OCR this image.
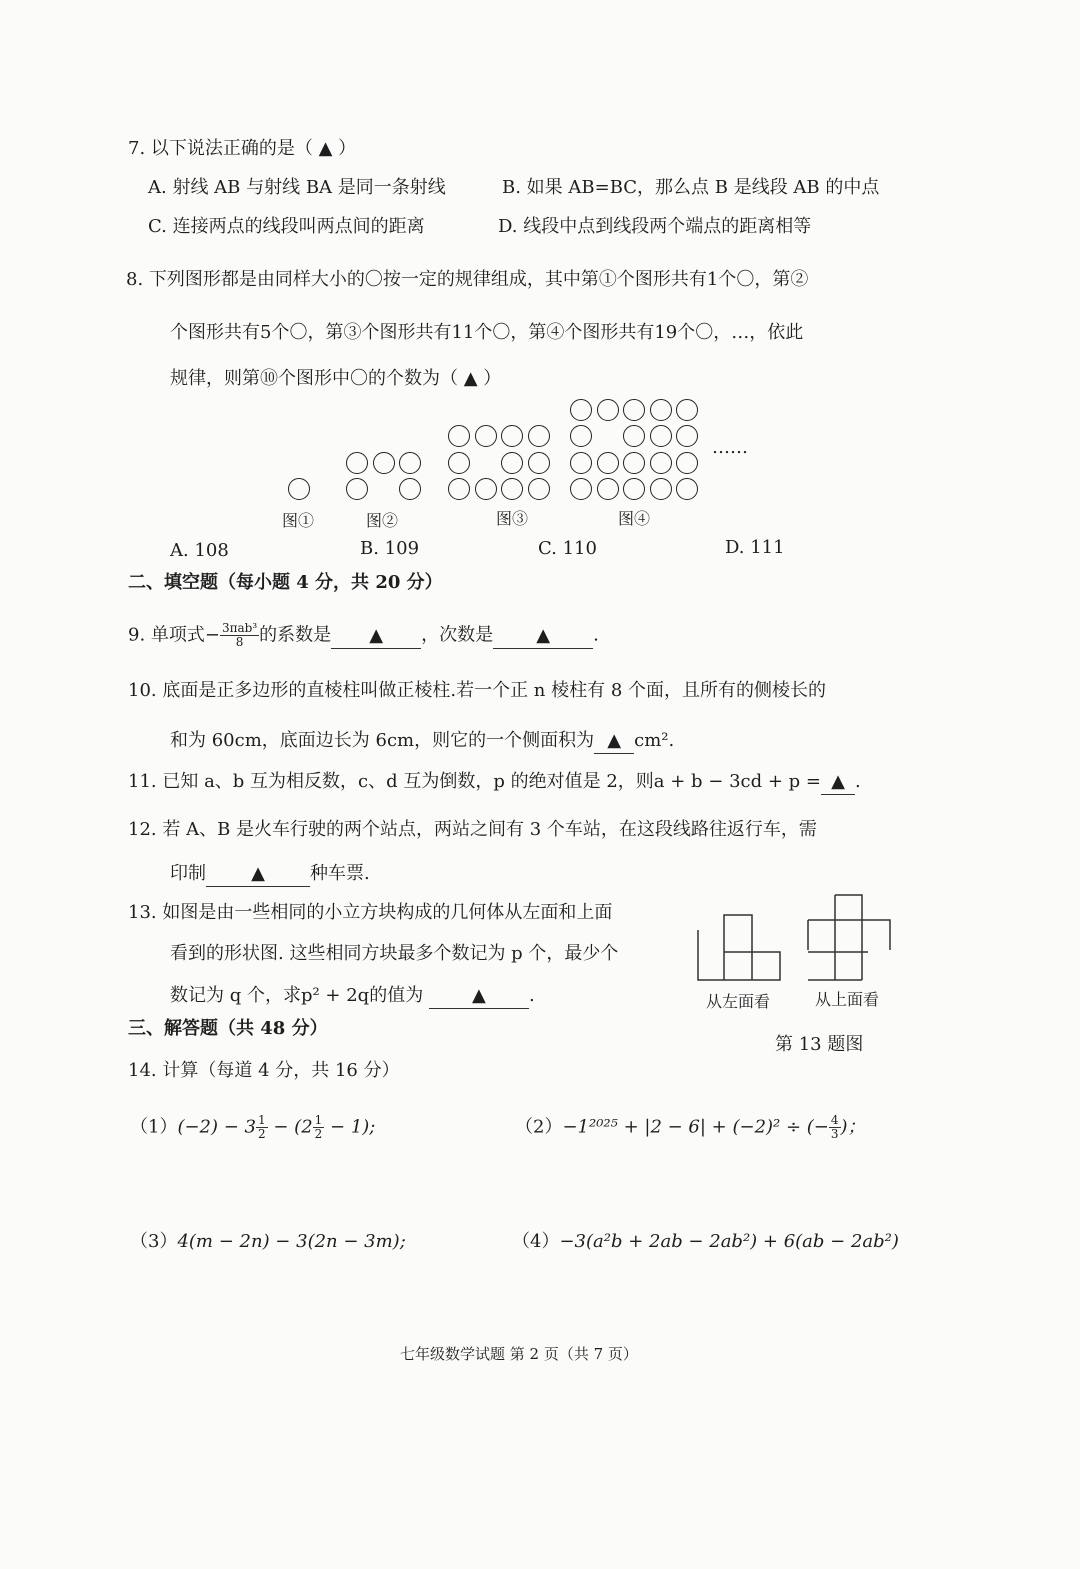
7. 以下说法正确的是（ ▲ ）
A. 射线 AB 与射线 BA 是同一条射线	B. 如果 AB=BC，那么点 B 是线段 AB 的中点
C. 连接两点的线段叫两点间的距离	D. 线段中点到线段两个端点的距离相等
8. 下列图形都是由同样大小的〇按一定的规律组成，其中第①个图形共有1个〇，第②
个图形共有5个〇，第③个图形共有11个〇，第④个图形共有19个〇，…，依此
规律，则第⑩个图形中〇的个数为（ ▲ ）
……
图①	图②	图③	图④
A. 108	B. 109	C. 110	D. 111
二、填空题（每小题 4 分，共 20 分）
9. 单项式− $\frac{\text{3πab³}}{8}$ 的系数是 ▲ ，次数是 ▲ .
10. 底面是正多边形的直棱柱叫做正棱柱.若一个正 n 棱柱有 8 个面，且所有的侧棱长的
和为 60cm，底面边长为 6cm，则它的一个侧面积为 ▲ cm².
11. 已知 a、b 互为相反数，c、d 互为倒数，p 的绝对值是 2，则a + b − 3cd + p = ▲ .
12. 若 A、B 是火车行驶的两个站点，两站之间有 3 个车站，在这段线路往返行车，需
印制	▲	种车票.
13. 如图是由一些相同的小立方块构成的几何体从左面和上面
看到的形状图. 这些相同方块最多个数记为 p 个，最少个
数记为 q 个，求p² + 2q的值为	▲ .	从左面看	从上面看
第 13 题图
三、解答题（共 48 分）
14. 计算（每道 4 分，共 16 分）
$(1)(-2) - 3 \frac{1}{2} - (2 \frac{1}{2} - 1)$;	（2）−1²⁰²⁵ + |2 − 6| + (−2)² ÷ (− $\frac{4}{3}$ )；
（3）4(m − 2n) − 3(2n − 3m);	（4）−3(a²b + 2ab − 2ab²) + 6(ab − 2ab²)
七年级数学试题 第 2 页（共 7 页）
